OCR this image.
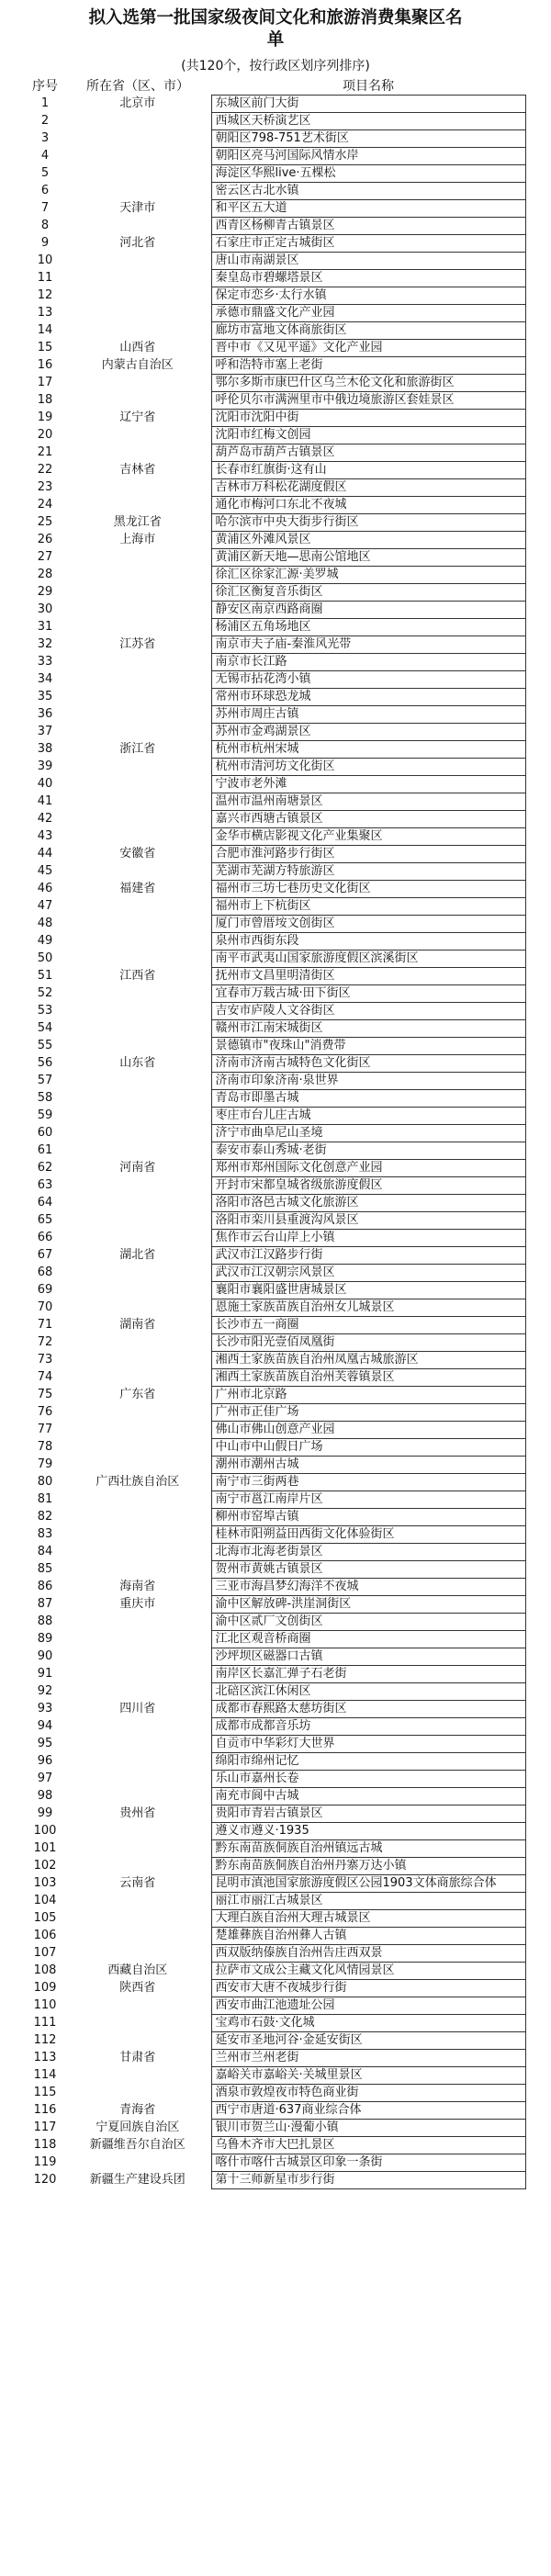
拟入选第一批国家级夜间文化和旅游消费集聚区名单
(共120个，按行政区划序列排序)
序号	所在省（区、市）	项目名称
1	北京市	东城区前门大街
2		西城区天桥演艺区
3		朝阳区798-751艺术街区
4		朝阳区亮马河国际风情水岸
5		海淀区华熙live·五棵松
6		密云区古北水镇
7	天津市	和平区五大道
8		西青区杨柳青古镇景区
9	河北省	石家庄市正定古城街区
10		唐山市南湖景区
11		秦皇岛市碧螺塔景区
12		保定市恋乡·太行水镇
13		承德市鼎盛文化产业园
14		廊坊市富地文体商旅街区
15	山西省	晋中市《又见平遥》文化产业园
16	内蒙古自治区	呼和浩特市塞上老街
17		鄂尔多斯市康巴什区乌兰木伦文化和旅游街区
18		呼伦贝尔市满洲里市中俄边境旅游区套娃景区
19	辽宁省	沈阳市沈阳中街
20		沈阳市红梅文创园
21		葫芦岛市葫芦古镇景区
22	吉林省	长春市红旗街·这有山
23		吉林市万科松花湖度假区
24		通化市梅河口东北不夜城
25	黑龙江省	哈尔滨市中央大街步行街区
26	上海市	黄浦区外滩风景区
27		黄浦区新天地—思南公馆地区
28		徐汇区徐家汇源·美罗城
29		徐汇区衡复音乐街区
30		静安区南京西路商圈
31		杨浦区五角场地区
32	江苏省	南京市夫子庙-秦淮风光带
33		南京市长江路
34		无锡市拈花湾小镇
35		常州市环球恐龙城
36		苏州市周庄古镇
37		苏州市金鸡湖景区
38	浙江省	杭州市杭州宋城
39		杭州市清河坊文化街区
40		宁波市老外滩
41		温州市温州南塘景区
42		嘉兴市西塘古镇景区
43		金华市横店影视文化产业集聚区
44	安徽省	合肥市淮河路步行街区
45		芜湖市芜湖方特旅游区
46	福建省	福州市三坊七巷历史文化街区
47		福州市上下杭街区
48		厦门市曾厝垵文创街区
49		泉州市西街东段
50		南平市武夷山国家旅游度假区滨溪街区
51	江西省	抚州市文昌里明清街区
52		宜春市万载古城·田下街区
53		吉安市庐陵人文谷街区
54		赣州市江南宋城街区
55		景德镇市"夜珠山"消费带
56	山东省	济南市济南古城特色文化街区
57		济南市印象济南·泉世界
58		青岛市即墨古城
59		枣庄市台儿庄古城
60		济宁市曲阜尼山圣境
61		泰安市泰山秀城·老街
62	河南省	郑州市郑州国际文化创意产业园
63		开封市宋都皇城省级旅游度假区
64		洛阳市洛邑古城文化旅游区
65		洛阳市栾川县重渡沟风景区
66		焦作市云台山岸上小镇
67	湖北省	武汉市江汉路步行街
68		武汉市江汉朝宗风景区
69		襄阳市襄阳盛世唐城景区
70		恩施土家族苗族自治州女儿城景区
71	湖南省	长沙市五一商圈
72		长沙市阳光壹佰凤凰街
73		湘西土家族苗族自治州凤凰古城旅游区
74		湘西土家族苗族自治州芙蓉镇景区
75	广东省	广州市北京路
76		广州市正佳广场
77		佛山市佛山创意产业园
78		中山市中山假日广场
79		潮州市潮州古城
80	广西壮族自治区	南宁市三街两巷
81		南宁市邕江南岸片区
82		柳州市窑埠古镇
83		桂林市阳朔益田西街文化体验街区
84		北海市北海老街景区
85		贺州市黄姚古镇景区
86	海南省	三亚市海昌梦幻海洋不夜城
87	重庆市	渝中区解放碑-洪崖洞街区
88		渝中区贰厂文创街区
89		江北区观音桥商圈
90		沙坪坝区磁器口古镇
91		南岸区长嘉汇弹子石老街
92		北碚区滨江休闲区
93	四川省	成都市春熙路太慈坊街区
94		成都市成都音乐坊
95		自贡市中华彩灯大世界
96		绵阳市绵州记忆
97		乐山市嘉州长卷
98		南充市阆中古城
99	贵州省	贵阳市青岩古镇景区
100		遵义市遵义·1935
101		黔东南苗族侗族自治州镇远古城
102		黔东南苗族侗族自治州丹寨万达小镇
103	云南省	昆明市滇池国家旅游度假区公园1903文体商旅综合体
104		丽江市丽江古城景区
105		大理白族自治州大理古城景区
106		楚雄彝族自治州彝人古镇
107		西双版纳傣族自治州告庄西双景
108	西藏自治区	拉萨市文成公主藏文化风情园景区
109	陕西省	西安市大唐不夜城步行街
110		西安市曲江池遗址公园
111		宝鸡市石鼓·文化城
112		延安市圣地河谷·金延安街区
113	甘肃省	兰州市兰州老街
114		嘉峪关市嘉峪关·关城里景区
115		酒泉市敦煌夜市特色商业街
116	青海省	西宁市唐道·637商业综合体
117	宁夏回族自治区	银川市贺兰山·漫葡小镇
118	新疆维吾尔自治区	乌鲁木齐市大巴扎景区
119		喀什市喀什古城景区印象一条街
120	新疆生产建设兵团	第十三师新星市步行街
